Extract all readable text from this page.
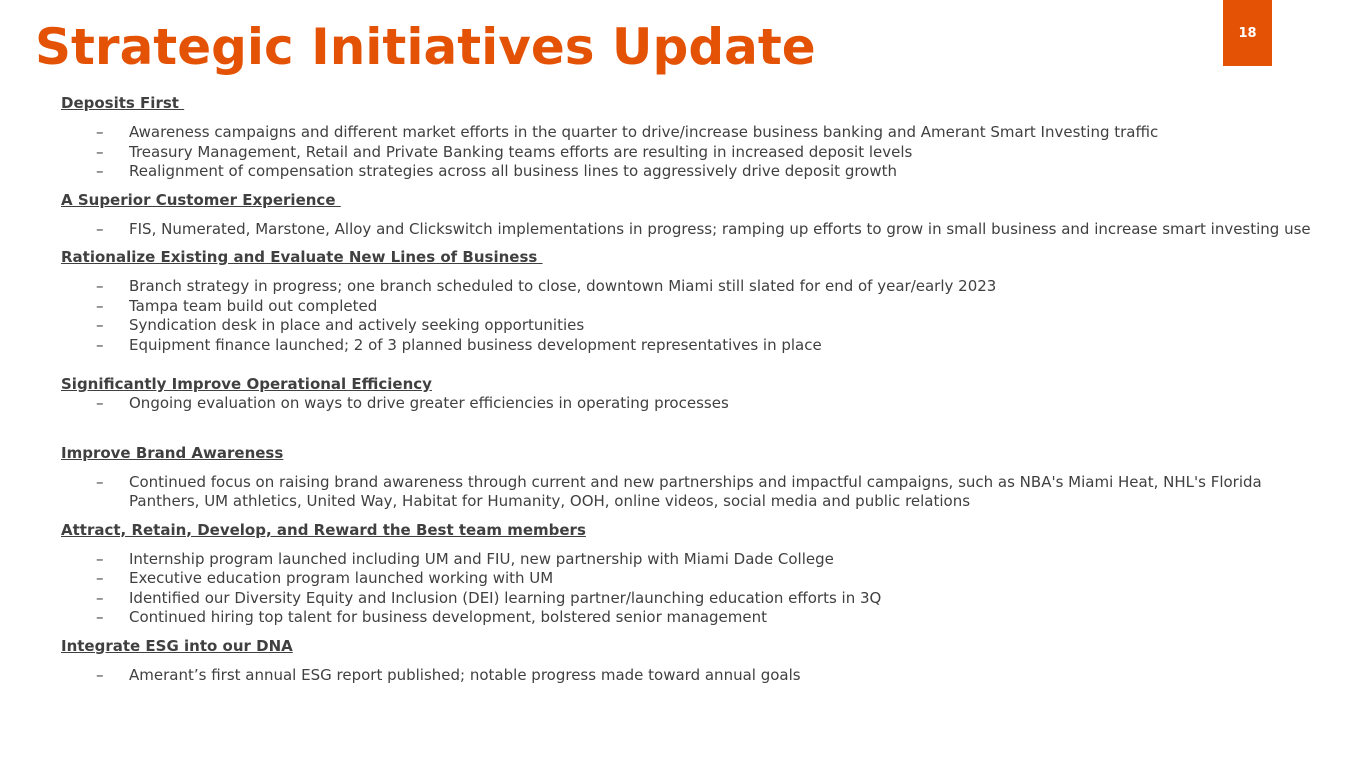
Strategic Initiatives Update	18
Deposits First
– Awareness campaigns and different market efforts in the quarter to drive/increase business banking and Amerant Smart Investing traffic
– Treasury Management, Retail and Private Banking teams efforts are resulting in increased deposit levels
– Realignment of compensation strategies across all business lines to aggressively drive deposit growth
A Superior Customer Experience
– FIS, Numerated, Marstone, Alloy and Clickswitch implementations in progress; ramping up efforts to grow in small business and increase smart investing use
Rationalize Existing and Evaluate New Lines of Business
– Branch strategy in progress; one branch scheduled to close, downtown Miami still slated for end of year/early 2023
– Tampa team build out completed
– Syndication desk in place and actively seeking opportunities
– Equipment finance launched; 2 of 3 planned business development representatives in place
Significantly Improve Operational Efficiency
– Ongoing evaluation on ways to drive greater efficiencies in operating processes
Improve Brand Awareness
– Continued focus on raising brand awareness through current and new partnerships and impactful campaigns, such as NBA's Miami Heat, NHL's Florida Panthers, UM athletics, United Way, Habitat for Humanity, OOH, online videos, social media and public relations
Attract, Retain, Develop, and Reward the Best team members
– Internship program launched including UM and FIU, new partnership with Miami Dade College
– Executive education program launched working with UM
– Identified our Diversity Equity and Inclusion (DEI) learning partner/launching education efforts in 3Q
– Continued hiring top talent for business development, bolstered senior management
Integrate ESG into our DNA
– Amerant’s first annual ESG report published; notable progress made toward annual goals
